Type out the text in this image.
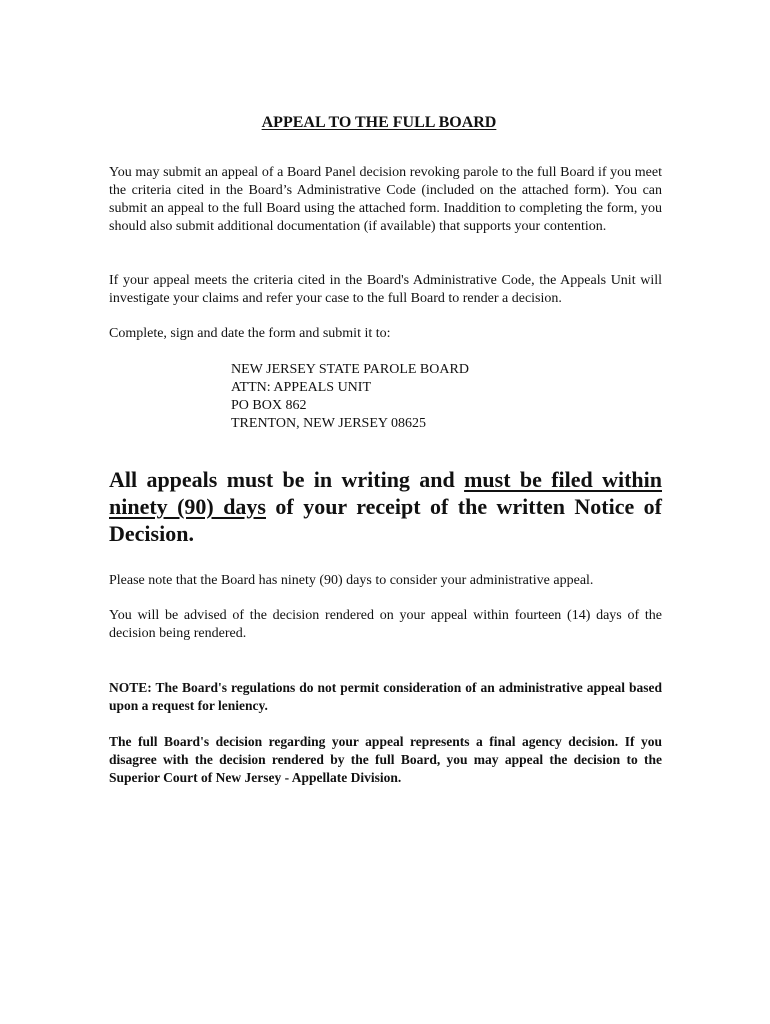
APPEAL TO THE FULL BOARD

You may submit an appeal of a Board Panel decision revoking parole to the full Board if you meet the criteria cited in the Board’s Administrative Code (included on the attached form). You can submit an appeal to the full Board using the attached form. Inaddition to completing the form, you should also submit additional documentation (if available) that supports your contention.

If your appeal meets the criteria cited in the Board's Administrative Code, the Appeals Unit will investigate your claims and refer your case to the full Board to render a decision.

Complete, sign and date the form and submit it to:

NEW JERSEY STATE PAROLE BOARD
ATTN: APPEALS UNIT
PO BOX 862
TRENTON, NEW JERSEY 08625

All appeals must be in writing and must be filed within ninety (90) days of your receipt of the written Notice of Decision.

Please note that the Board has ninety (90) days to consider your administrative appeal.

You will be advised of the decision rendered on your appeal within fourteen (14) days of the decision being rendered.

NOTE: The Board's regulations do not permit consideration of an administrative appeal based upon a request for leniency.

The full Board's decision regarding your appeal represents a final agency decision. If you disagree with the decision rendered by the full Board, you may appeal the decision to the Superior Court of New Jersey - Appellate Division.
